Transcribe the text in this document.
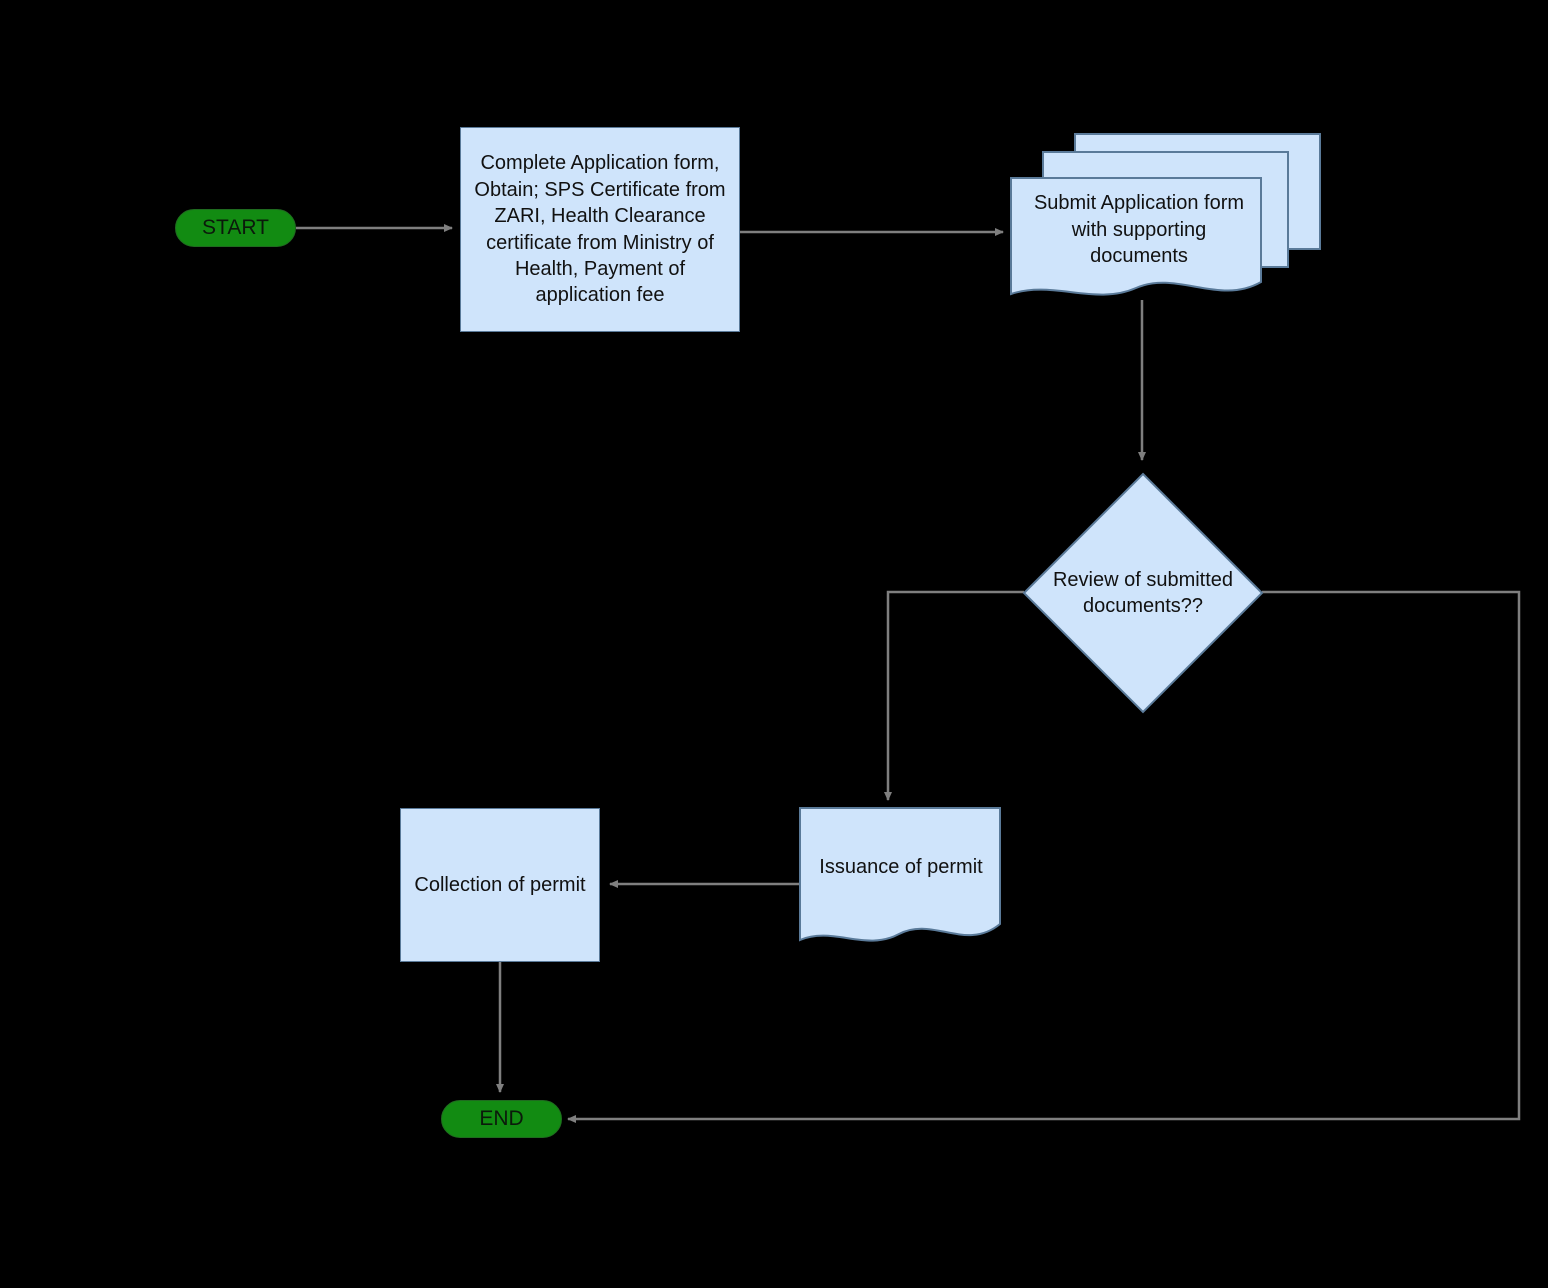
START
Complete Application form, Obtain; SPS Certificate from ZARI, Health Clearance certificate from Ministry of Health, Payment of application fee
Submit Application form with supporting documents
Review of submitted documents??
Issuance of permit
Collection of permit
END
